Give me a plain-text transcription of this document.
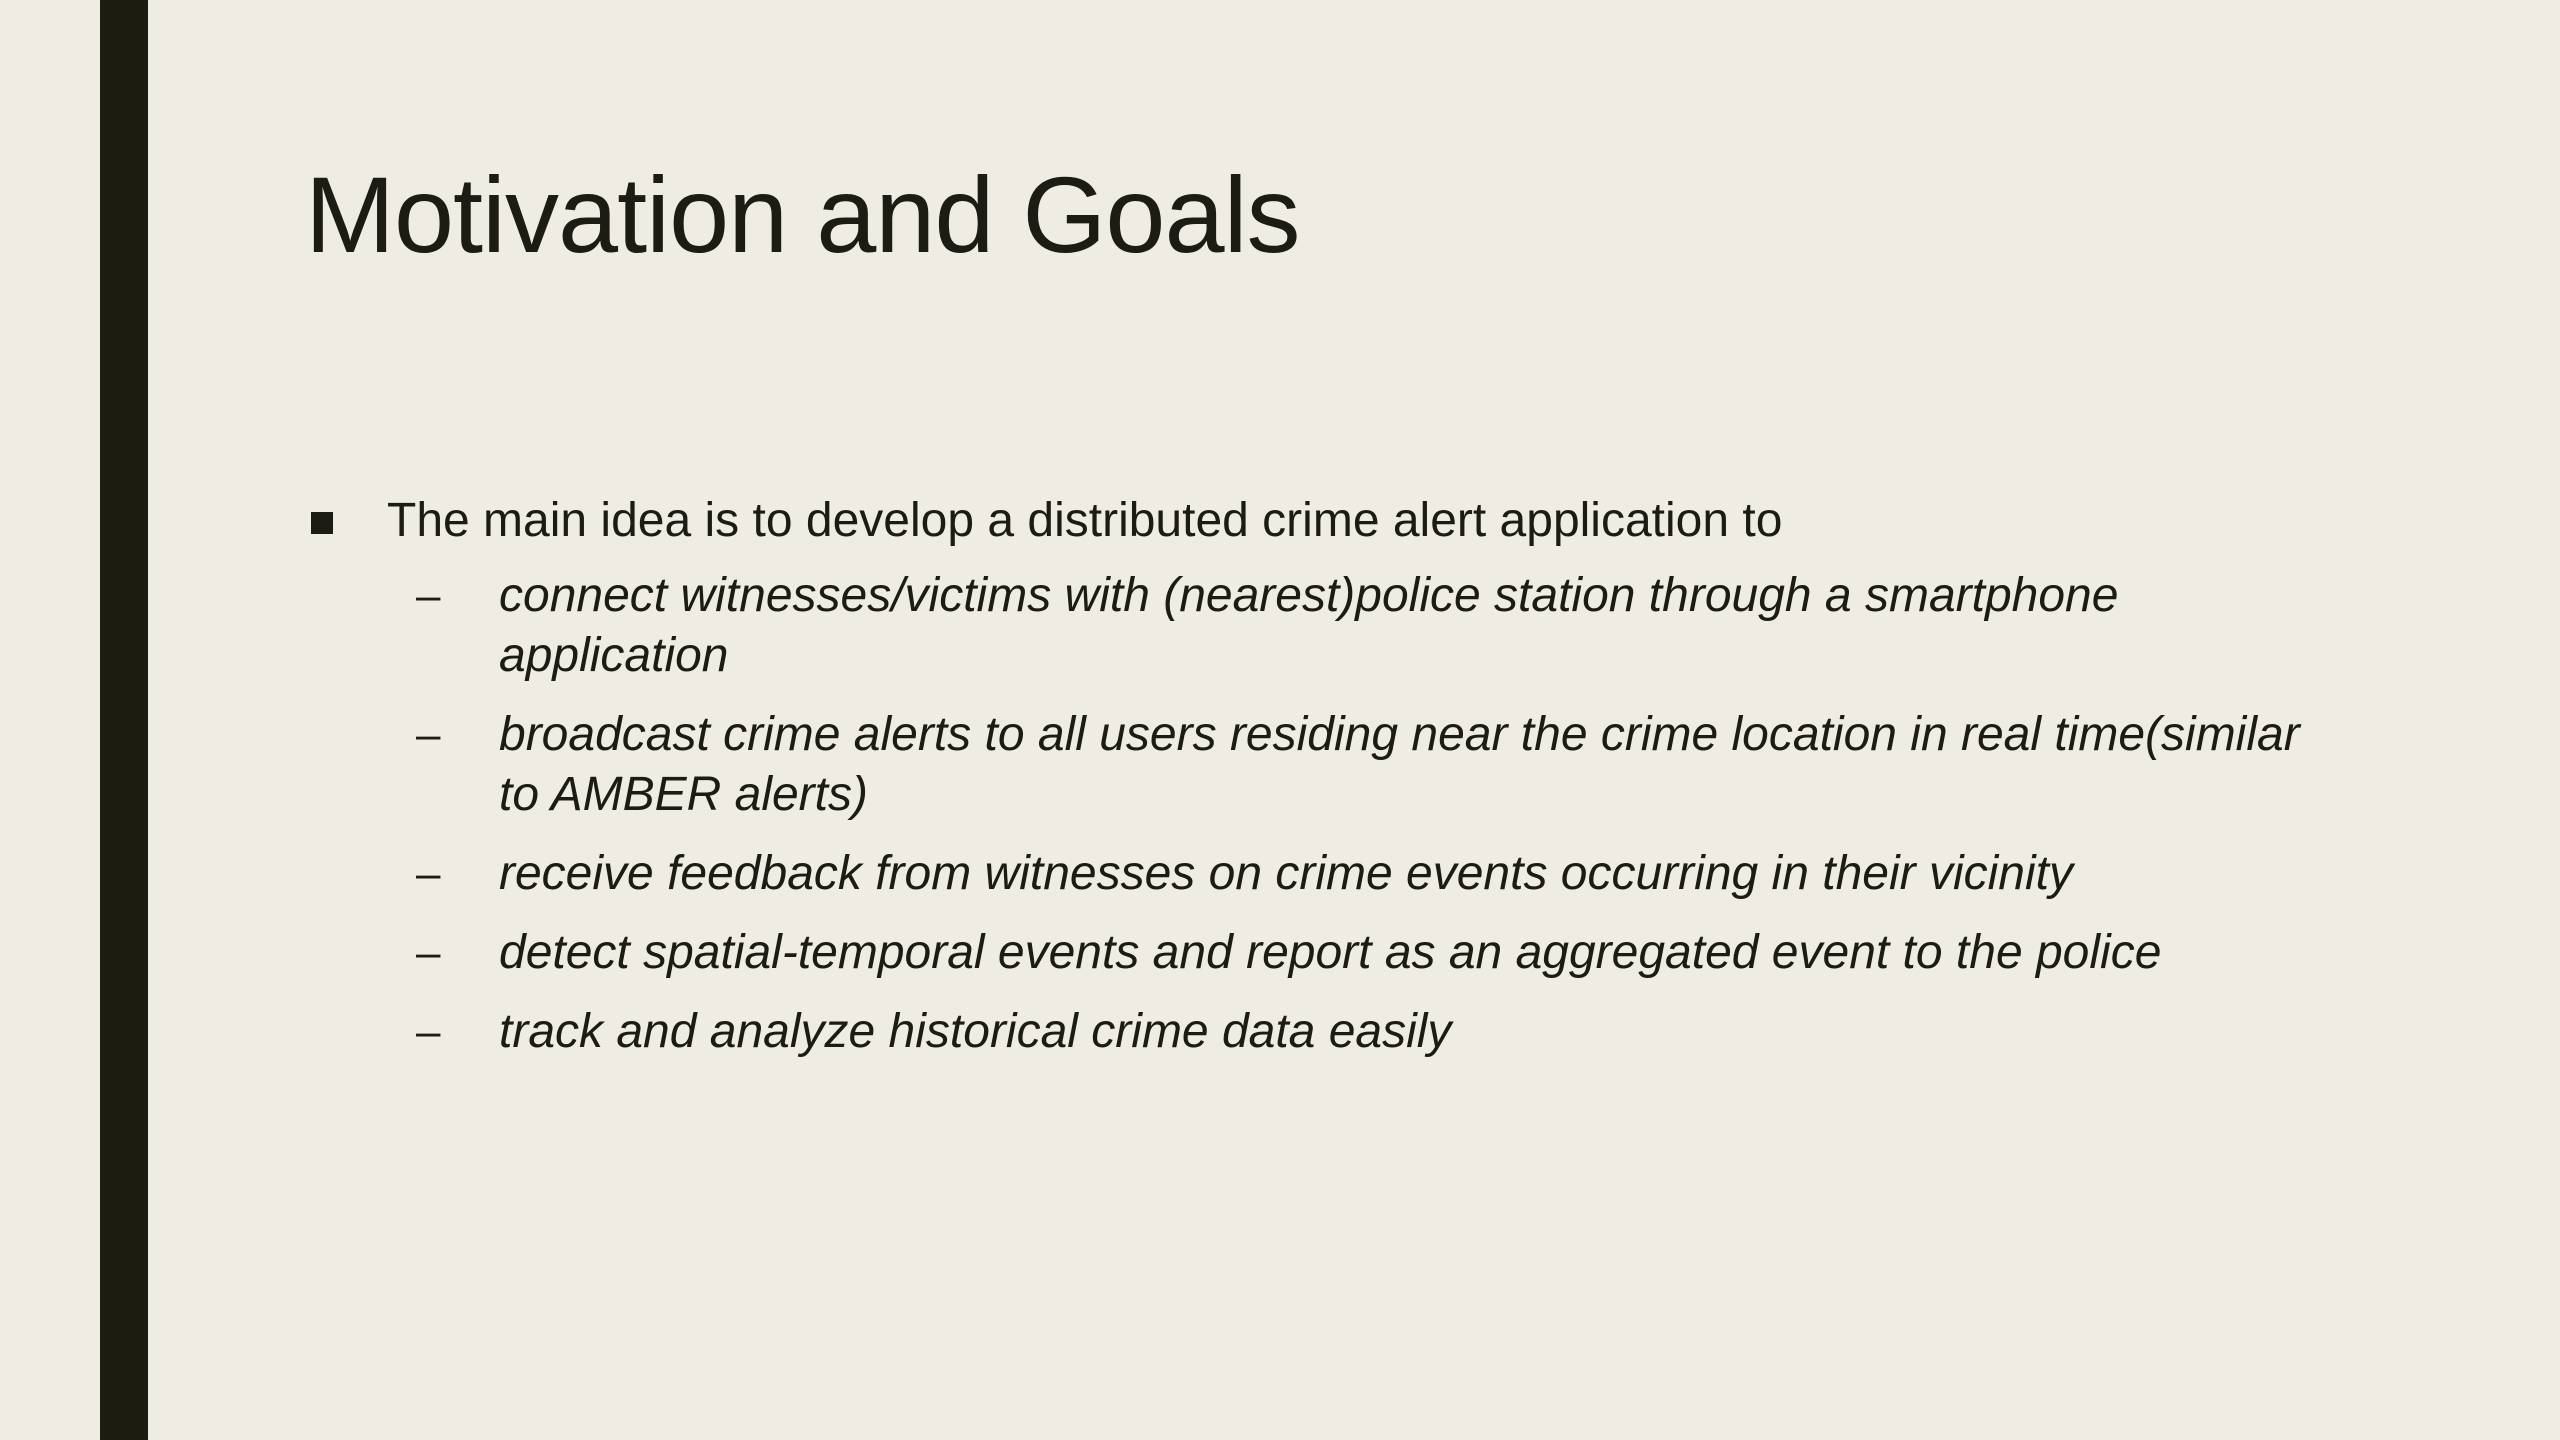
Motivation and Goals
The main idea is to develop a distributed crime alert application to
– connect witnesses/victims with (nearest)police station through a smartphone application
– broadcast crime alerts to all users residing near the crime location in real time(similar to AMBER alerts)
– receive feedback from witnesses on crime events occurring in their vicinity
– detect spatial-temporal events and report as an aggregated event to the police
– track and analyze historical crime data easily
